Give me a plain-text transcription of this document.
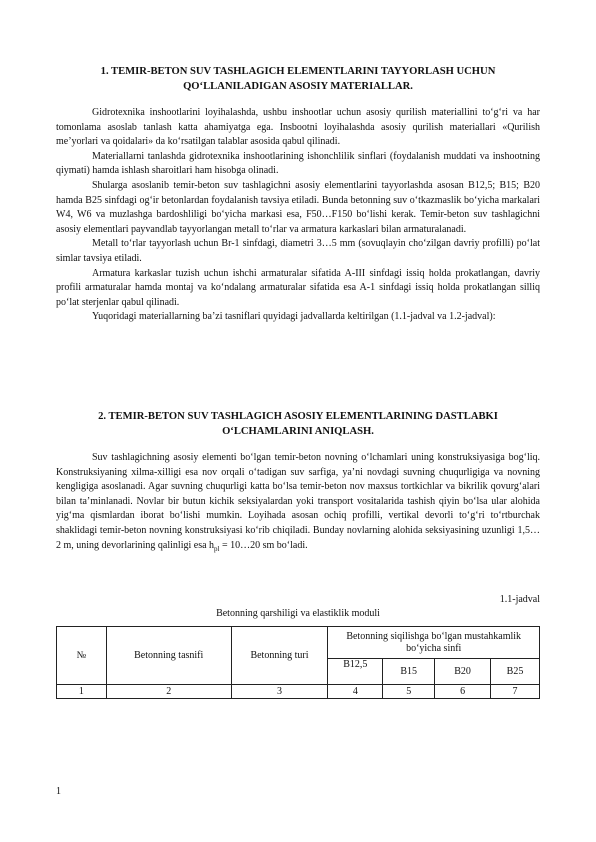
1. TEMIR-BETON SUV TASHLAGICH ELEMENTLARINI TAYYORLASH UCHUN
QO‘LLANILADIGAN ASOSIY MATERIALLAR.

Gidrotexnika inshootlarini loyihalashda, ushbu inshootlar uchun asosiy qurilish materiallini to‘g‘ri va har tomonlama asoslab tanlash katta ahamiyatga ega. Insbootni loyihalashda asosiy qurilish materiallari «Qurilish me’yorlari va qoidalari» da ko‘rsatilgan talablar asosida qabul qilinadi.

Materiallarni tanlashda gidrotexnika inshootlarining ishonchlilik sinflari (foydalanish muddati va inshootning qiymati) hamda ishlash sharoitlari ham hisobga olinadi.

Shularga asoslanib temir-beton suv tashlagichni asosiy elementlarini tayyorlashda asosan B12,5; B15; B20 hamda B25 sinfdagi og‘ir betonlardan foydalanish tavsiya etiladi. Bunda betonning suv o‘tkazmaslik bo‘yicha markalari W4, W6 va muzlashga bardoshliligi bo‘yicha markasi esa, F50…F150 bo‘lishi kerak. Temir-beton suv tashlagichni asosiy elementlari payvandlab tayyorlangan metall to‘rlar va armatura karkaslari bilan armaturalanadi.

Metall to‘rlar tayyorlash uchun Br-1 sinfdagi, diametri 3…5 mm (sovuqlayin cho‘zilgan davriy profilli) po‘lat simlar tavsiya etiladi.

Armatura karkaslar tuzish uchun ishchi armaturalar sifatida A-III sinfdagi issiq holda prokatlangan, davriy profili armaturalar hamda montaj va ko‘ndalang armaturalar sifatida esa A-1 sinfdagi issiq holda prokatlangan silliq po‘lat sterjenlar qabul qilinadi.

Yuqoridagi materiallarning ba’zi tasniflari quyidagi jadvallarda keltirilgan (1.1-jadval va 1.2-jadval):

2. TEMIR-BETON SUV TASHLAGICH ASOSIY ELEMENTLARINING DASTLABKI
O‘LCHAMLARINI ANIQLASH.

Suv tashlagichning asosiy elementi bo‘lgan temir-beton novning o‘lchamlari uning konstruksiyasiga bog‘liq. Konstruksiyaning xilma-xilligi esa nov orqali o‘tadigan suv sarfiga, ya’ni novdagi suvning chuqurligiga va novning kengligiga asoslanadi. Agar suvning chuqurligi katta bo‘lsa temir-beton nov maxsus tortkichlar va bikrilik qovurg‘alari bilan ta’minlanadi. Novlar bir butun kichik seksiyalardan yoki transport vositalarida tashish qiyin bo‘lsa ular alohida yig‘ma qismlardan iborat bo‘lishi mumkin. Loyihada asosan ochiq profilli, vertikal devorli to‘g‘ri to‘rtburchak shaklidagi temir-beton novning konstruksiyasi ko‘rib chiqiladi. Bunday novlarning alohida seksiyasining uzunligi 1,5…2 m, uning devorlarining qalinligi esa $h_{pl}$ = 10…20 sm bo‘ladi.

1.1-jadval
Betonning qarshiligi va elastiklik moduli
№	Betonning tasnifi	Betonning turi	Betonning siqilishga bo‘lgan mustahkamlik bo‘yicha sinfi			
			B12,5	B15	B20	B25
1	2	3	4	5	6	7
1
